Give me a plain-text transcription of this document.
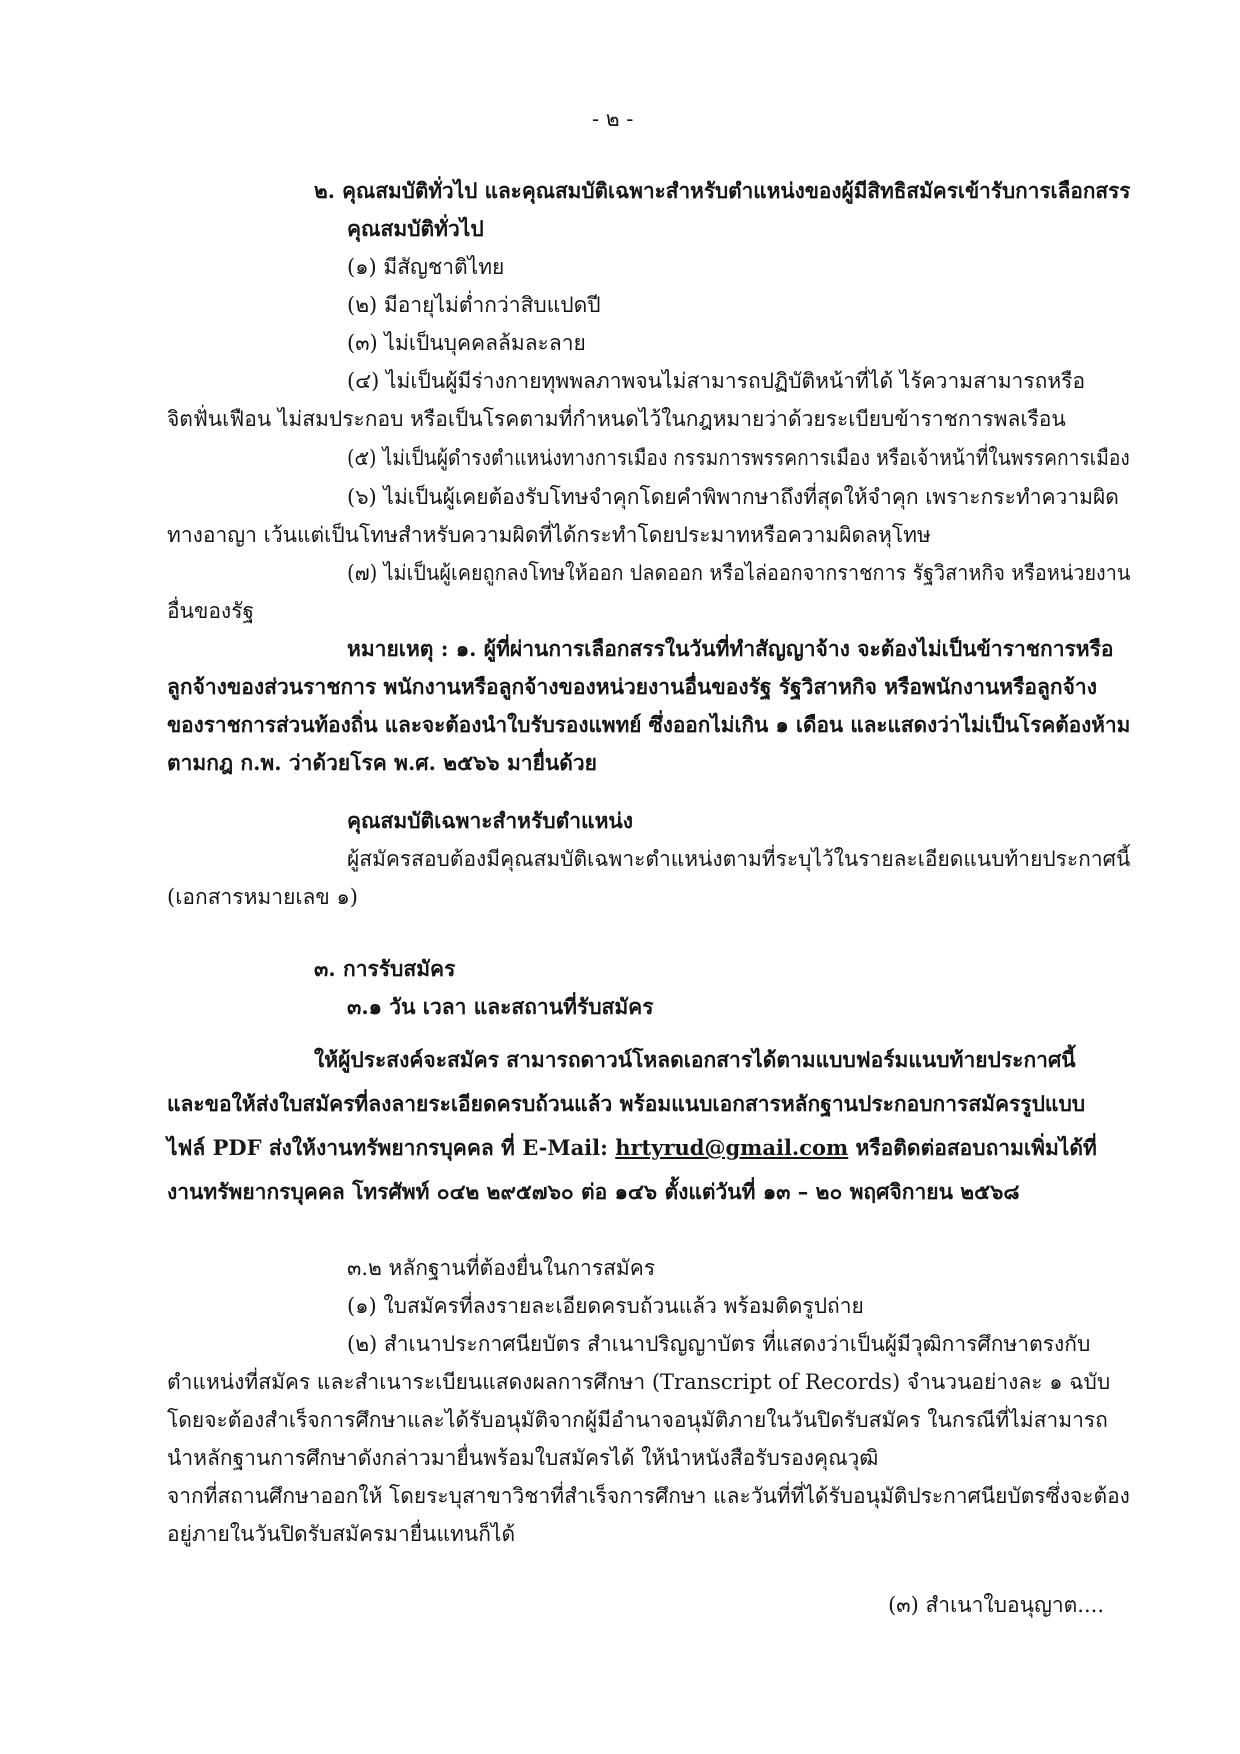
- ๒ -
๒. คุณสมบัติทั่วไป และคุณสมบัติเฉพาะสำหรับตำแหน่งของผู้มีสิทธิสมัครเข้ารับการเลือกสรร
คุณสมบัติทั่วไป
(๑) มีสัญชาติไทย
(๒) มีอายุไม่ต่ำกว่าสิบแปดปี
(๓) ไม่เป็นบุคคลล้มละลาย
(๔) ไม่เป็นผู้มีร่างกายทุพพลภาพจนไม่สามารถปฏิบัติหน้าที่ได้ ไร้ความสามารถหรือ
จิตฟั่นเฟือน ไม่สมประกอบ หรือเป็นโรคตามที่กำหนดไว้ในกฎหมายว่าด้วยระเบียบข้าราชการพลเรือน
(๕) ไม่เป็นผู้ดำรงตำแหน่งทางการเมือง กรรมการพรรคการเมือง หรือเจ้าหน้าที่ในพรรคการเมือง
(๖) ไม่เป็นผู้เคยต้องรับโทษจำคุกโดยคำพิพากษาถึงที่สุดให้จำคุก เพราะกระทำความผิด
ทางอาญา เว้นแต่เป็นโทษสำหรับความผิดที่ได้กระทำโดยประมาทหรือความผิดลหุโทษ
(๗) ไม่เป็นผู้เคยถูกลงโทษให้ออก ปลดออก หรือไล่ออกจากราชการ รัฐวิสาหกิจ หรือหน่วยงาน
อื่นของรัฐ
หมายเหตุ : ๑. ผู้ที่ผ่านการเลือกสรรในวันที่ทำสัญญาจ้าง จะต้องไม่เป็นข้าราชการหรือ
ลูกจ้างของส่วนราชการ พนักงานหรือลูกจ้างของหน่วยงานอื่นของรัฐ รัฐวิสาหกิจ หรือพนักงานหรือลูกจ้าง
ของราชการส่วนท้องถิ่น และจะต้องนำใบรับรองแพทย์ ซึ่งออกไม่เกิน ๑ เดือน และแสดงว่าไม่เป็นโรคต้องห้าม
ตามกฎ ก.พ. ว่าด้วยโรค พ.ศ. ๒๕๖๖ มายื่นด้วย
คุณสมบัติเฉพาะสำหรับตำแหน่ง
ผู้สมัครสอบต้องมีคุณสมบัติเฉพาะตำแหน่งตามที่ระบุไว้ในรายละเอียดแนบท้ายประกาศนี้
(เอกสารหมายเลข ๑)
๓. การรับสมัคร
๓.๑ วัน เวลา และสถานที่รับสมัคร
ให้ผู้ประสงค์จะสมัคร สามารถดาวน์โหลดเอกสารได้ตามแบบฟอร์มแนบท้ายประกาศนี้
และขอให้ส่งใบสมัครที่ลงลายระเอียดครบถ้วนแล้ว พร้อมแนบเอกสารหลักฐานประกอบการสมัครรูปแบบ
ไฟล์ PDF ส่งให้งานทรัพยากรบุคคล ที่ E-Mail: hrtyrud@gmail.com หรือติดต่อสอบถามเพิ่มได้ที่
งานทรัพยากรบุคคล โทรศัพท์ ๐๔๒ ๒๙๕๗๖๐ ต่อ ๑๔๖ ตั้งแต่วันที่ ๑๓ – ๒๐ พฤศจิกายน ๒๕๖๘
๓.๒ หลักฐานที่ต้องยื่นในการสมัคร
(๑) ใบสมัครที่ลงรายละเอียดครบถ้วนแล้ว พร้อมติดรูปถ่าย
(๒) สำเนาประกาศนียบัตร สำเนาปริญญาบัตร ที่แสดงว่าเป็นผู้มีวุฒิการศึกษาตรงกับ
ตำแหน่งที่สมัคร และสำเนาระเบียนแสดงผลการศึกษา (Transcript of Records) จำนวนอย่างละ ๑ ฉบับ
โดยจะต้องสำเร็จการศึกษาและได้รับอนุมัติจากผู้มีอำนาจอนุมัติภายในวันปิดรับสมัคร ในกรณีที่ไม่สามารถ
นำหลักฐานการศึกษาดังกล่าวมายื่นพร้อมใบสมัครได้ ให้นำหนังสือรับรองคุณวุฒิ
จากที่สถานศึกษาออกให้ โดยระบุสาขาวิชาที่สำเร็จการศึกษา และวันที่ที่ได้รับอนุมัติประกาศนียบัตรซึ่งจะต้อง
อยู่ภายในวันปิดรับสมัครมายื่นแทนก็ได้
(๓) สำเนาใบอนุญาต....
